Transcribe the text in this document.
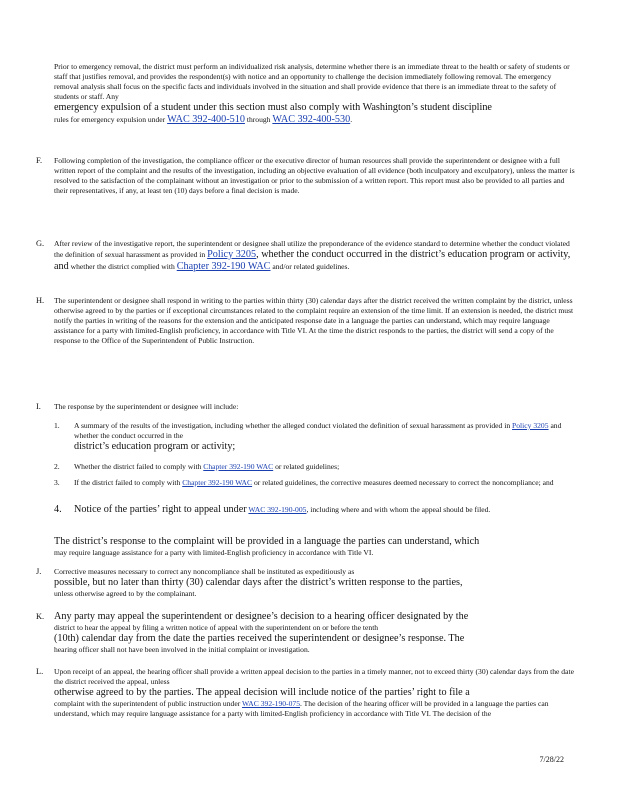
Prior to emergency removal, the district must perform an individualized risk analysis, determine whether there is an immediate threat to the health or safety of students or staff that justifies removal, and provides the respondent(s) with notice and an opportunity to challenge the decision immediately following removal. The emergency removal analysis shall focus on the specific facts and individuals involved in the situation and shall provide evidence that there is an immediate threat to the safety of students or staff. Any

emergency expulsion of a student under this section must also comply with Washington’s student discipline

rules for emergency expulsion under WAC 392-400-510 through WAC 392-400-530.

F.	Following completion of the investigation, the compliance officer or the executive director of human resources shall provide the superintendent or designee with a full written report of the complaint and the results of the investigation, including an objective evaluation of all evidence (both inculpatory and exculpatory), unless the matter is resolved to the satisfaction of the complainant without an investigation or prior to the submission of a written report. This report must also be provided to all parties and their representatives, if any, at least ten (10) days before a final decision is made.
G.	After review of the investigative report, the superintendent or designee shall utilize the preponderance of the evidence standard to determine whether the conduct violated the definition of sexual harassment as provided in Policy 3205, whether the conduct occurred in the district’s education program or activity, and whether the district complied with Chapter 392-190 WAC and/or related guidelines.
H.	The superintendent or designee shall respond in writing to the parties within thirty (30) calendar days after the district received the written complaint by the district, unless otherwise agreed to by the parties or if exceptional circumstances related to the complaint require an extension of the time limit. If an extension is needed, the district must notify the parties in writing of the reasons for the extension and the anticipated response date in a language the parties can understand, which may require language assistance for a party with limited-English proficiency, in accordance with Title VI. At the time the district responds to the parties, the district will send a copy of the response to the Office of the Superintendent of Public Instruction.
I.	The response by the superintendent or designee will include:
1. A summary of the results of the investigation, including whether the alleged conduct violated the definition of sexual harassment as provided in Policy 3205 and whether the conduct occurred in the
district’s education program or activity;
2. Whether the district failed to comply with Chapter 392-190 WAC or related guidelines;
3. If the district failed to comply with Chapter 392-190 WAC or related guidelines, the corrective measures deemed necessary to correct the noncompliance; and
4. Notice of the parties’ right to appeal under WAC 392-190-005, including where and with whom the appeal should be filed.

The district’s response to the complaint will be provided in a language the parties can understand, which

may require language assistance for a party with limited-English proficiency in accordance with Title VI.

J.	Corrective measures necessary to correct any noncompliance shall be instituted as expeditiously as
possible, but no later than thirty (30) calendar days after the district’s written response to the parties,
unless otherwise agreed to by the complainant.
K. Any party may appeal the superintendent or designee’s decision to a hearing officer designated by the
district to hear the appeal by filing a written notice of appeal with the superintendent on or before the tenth
(10th) calendar day from the date the parties received the superintendent or designee’s response. The
hearing officer shall not have been involved in the initial complaint or investigation.
L.	Upon receipt of an appeal, the hearing officer shall provide a written appeal decision to the parties in a timely manner, not to exceed thirty (30) calendar days from the date the district received the appeal, unless
otherwise agreed to by the parties. The appeal decision will include notice of the parties’ right to file a
complaint with the superintendent of public instruction under WAC 392-190-075. The decision of the hearing officer will be provided in a language the parties can understand, which may require language assistance for a party with limited-English proficiency in accordance with Title VI. The decision of the
7/28/22
